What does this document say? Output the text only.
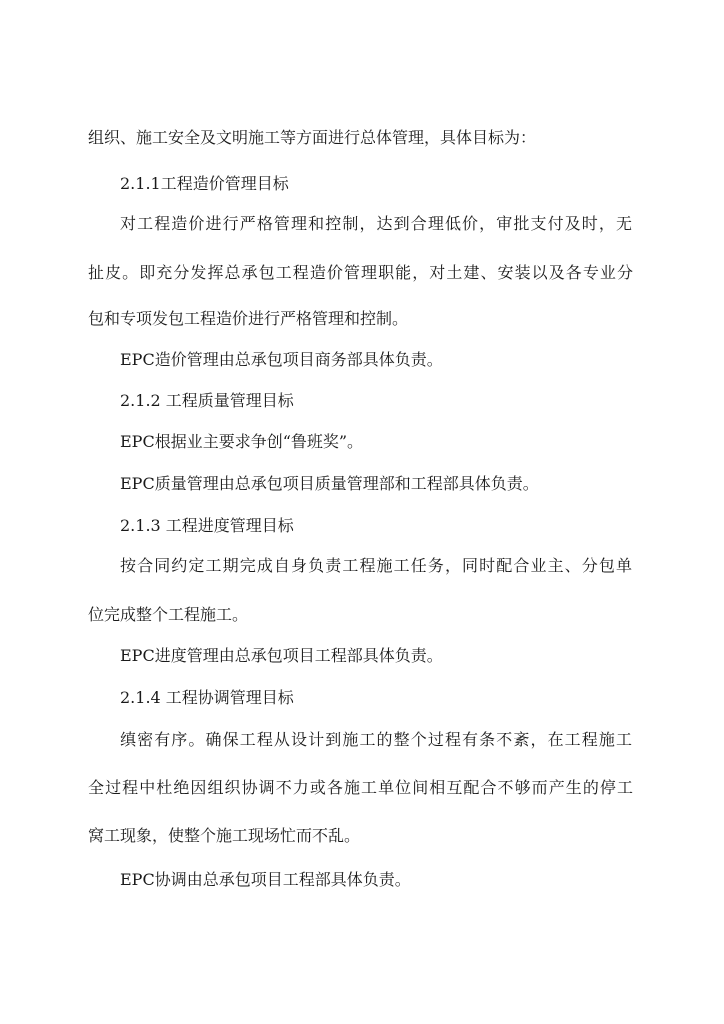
组织、施工安全及文明施工等方面进行总体管理，具体目标为：
2.1.1工程造价管理目标
对工程造价进行严格管理和控制，达到合理低价，审批支付及时，无
扯皮。即充分发挥总承包工程造价管理职能，对土建、安装以及各专业分
包和专项发包工程造价进行严格管理和控制。
EPC造价管理由总承包项目商务部具体负责。
2.1.2 工程质量管理目标
EPC根据业主要求争创“鲁班奖”。
EPC质量管理由总承包项目质量管理部和工程部具体负责。
2.1.3 工程进度管理目标
按合同约定工期完成自身负责工程施工任务，同时配合业主、分包单
位完成整个工程施工。
EPC进度管理由总承包项目工程部具体负责。
2.1.4 工程协调管理目标
缜密有序。确保工程从设计到施工的整个过程有条不紊，在工程施工
全过程中杜绝因组织协调不力或各施工单位间相互配合不够而产生的停工
窝工现象，使整个施工现场忙而不乱。
EPC协调由总承包项目工程部具体负责。
